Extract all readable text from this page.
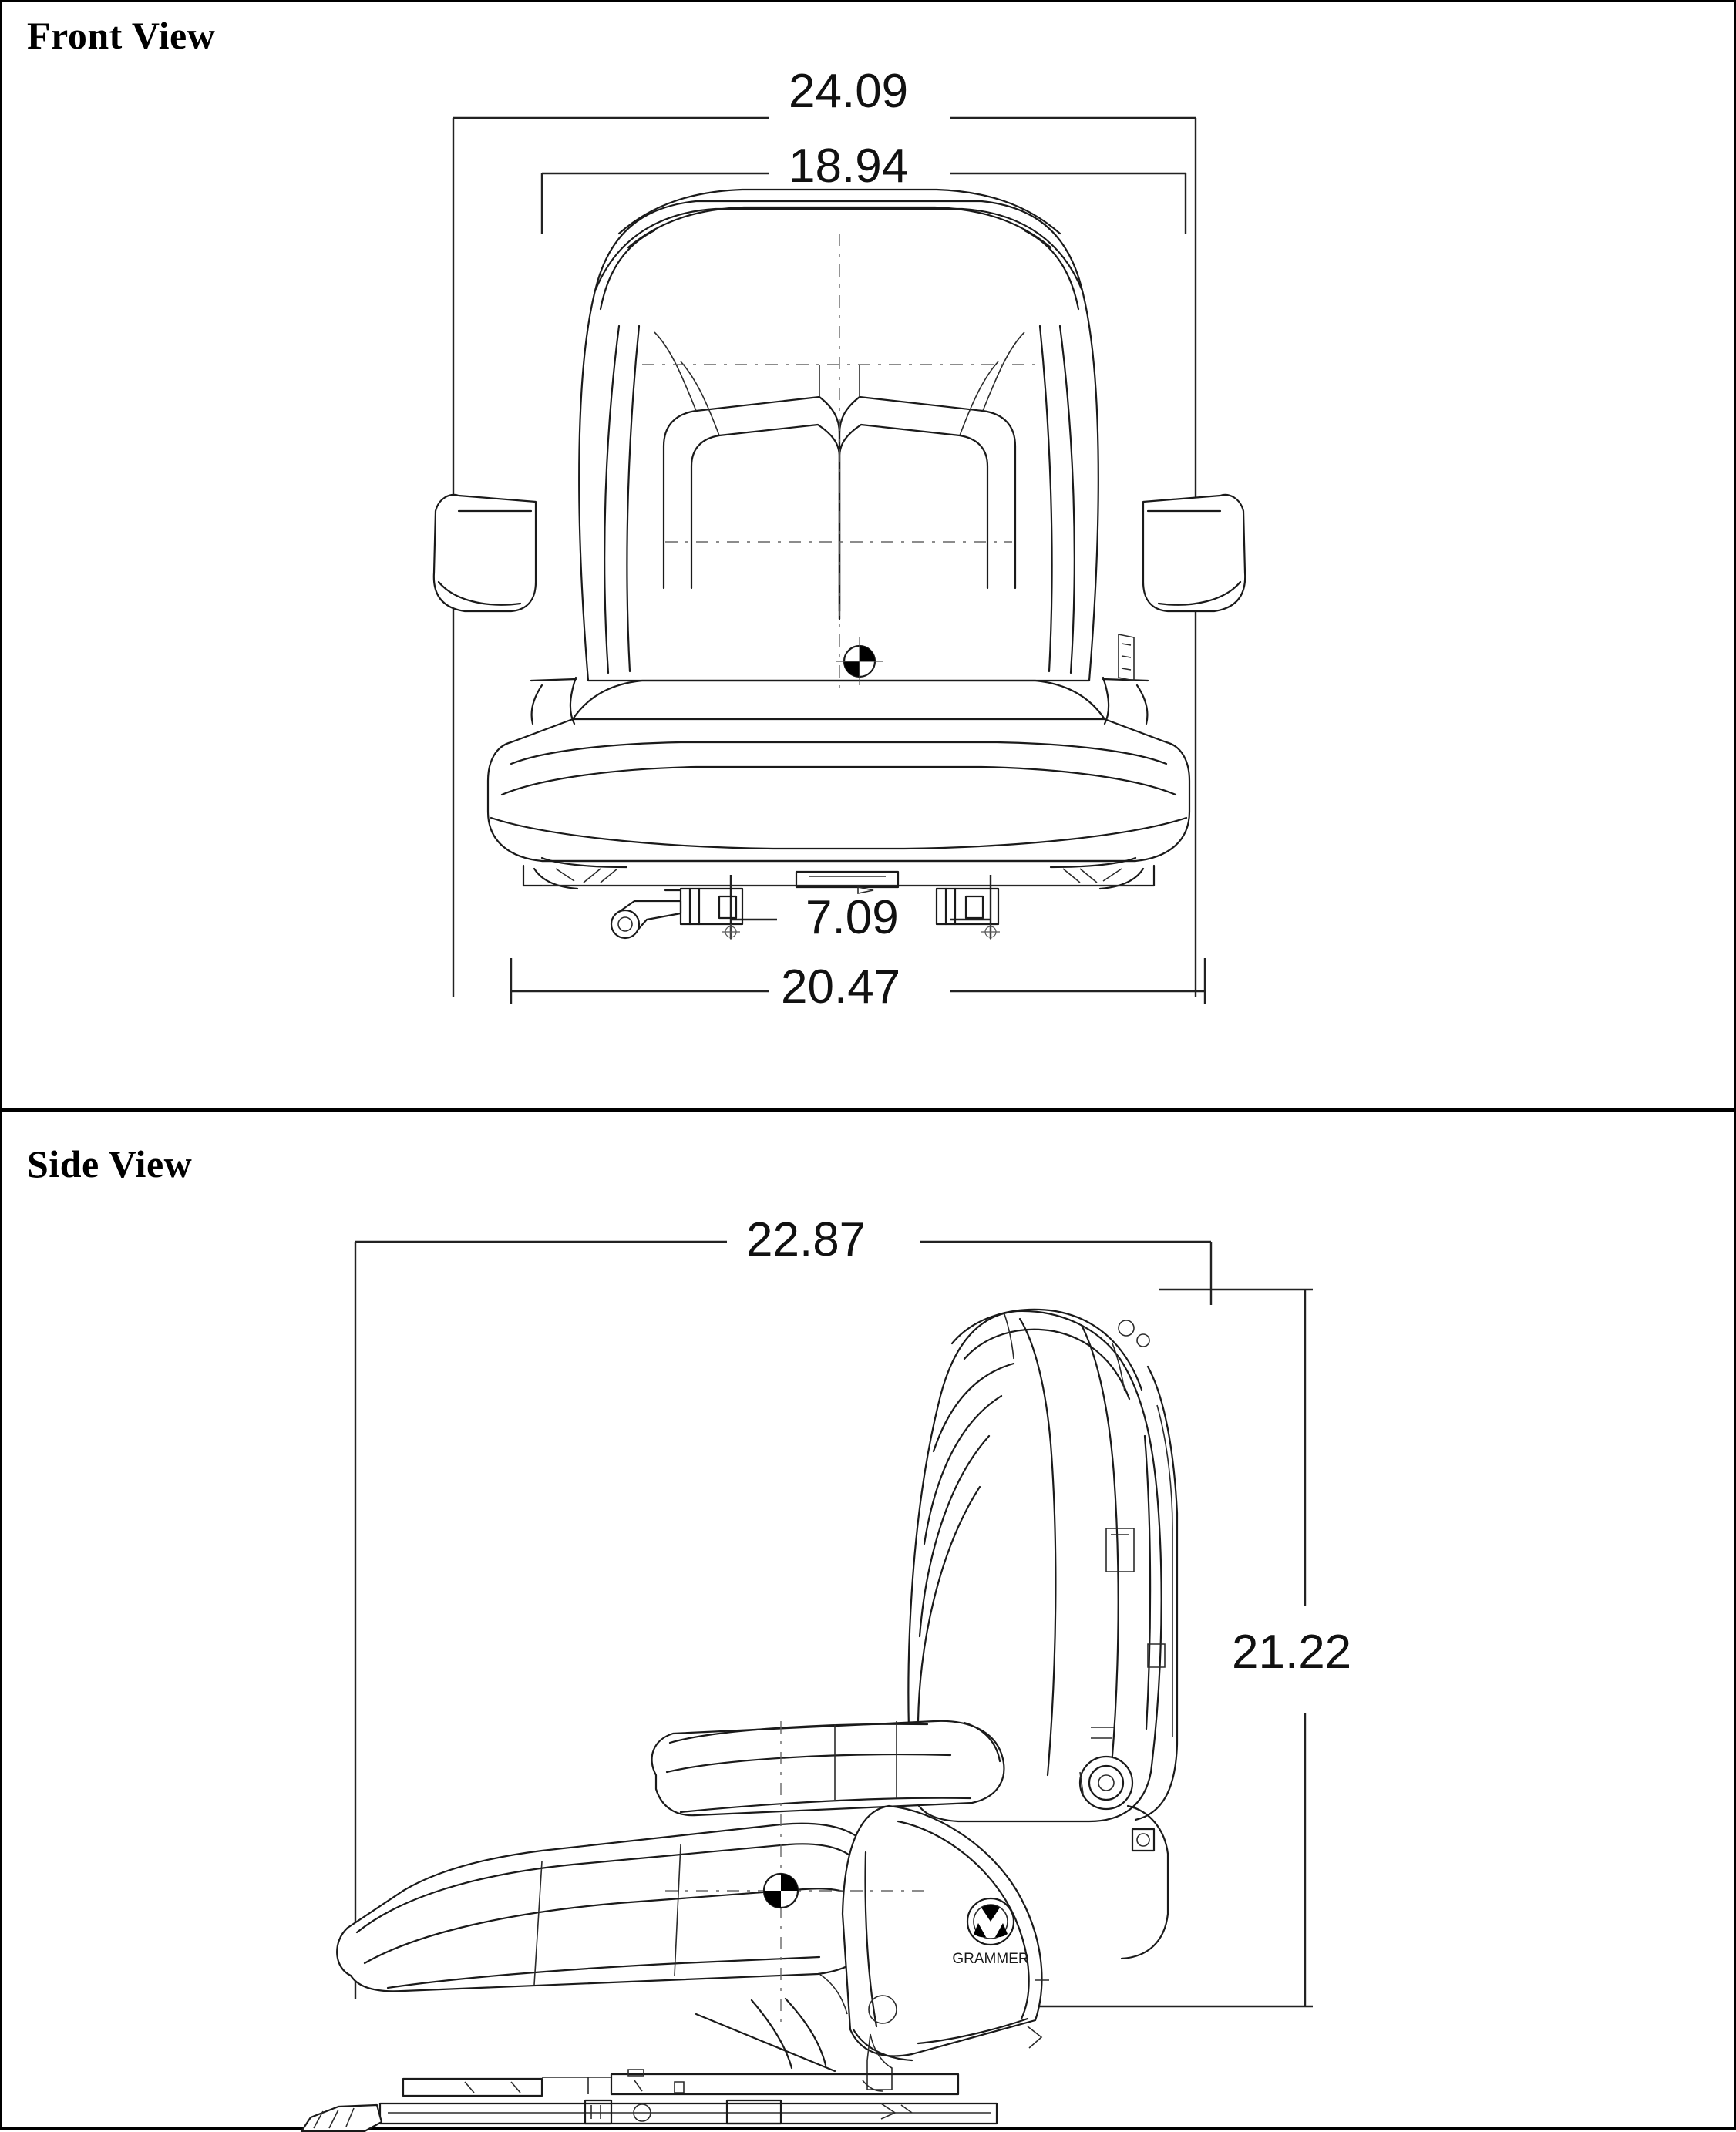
Front View
Side View
24.09
18.94
7.09
20.47
22.87
21.22
GRAMMER
